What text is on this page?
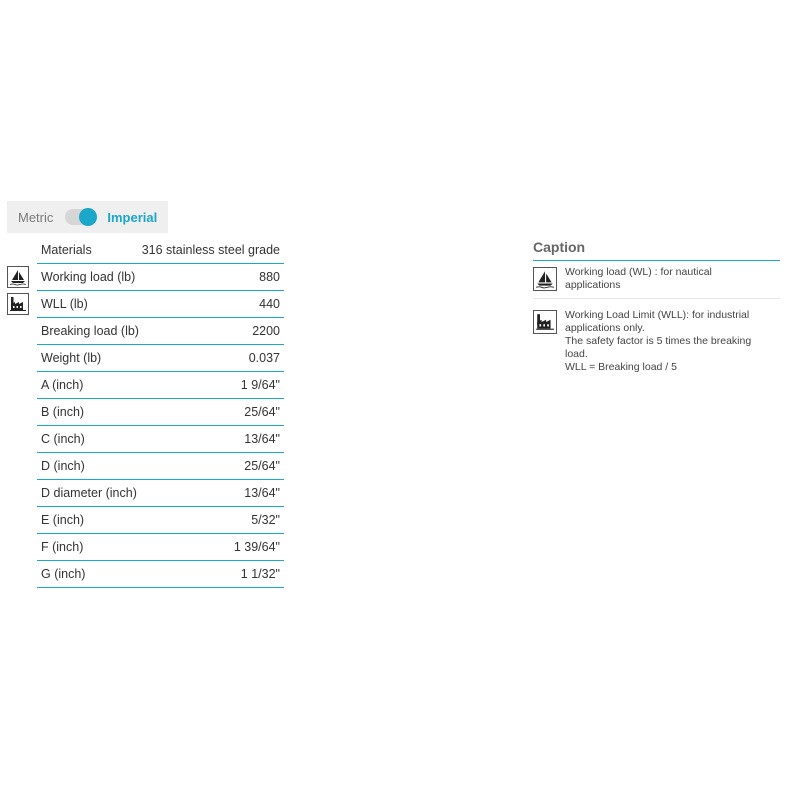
Metric	Imperial
Materials	316 stainless steel grade
Working load (lb)	880
WLL (lb)	440
Breaking load (lb)	2200
Weight (lb)	0.037
A (inch)	1 9/64"
B (inch)	25/64"
C (inch)	13/64"
D (inch)	25/64"
D diameter (inch)	13/64"
E (inch)	5/32"
F (inch)	1 39/64"
G (inch)	1 1/32"
Caption
Working load (WL) : for nautical
applications
Working Load Limit (WLL): for industrial
applications only.
The safety factor is 5 times the breaking
load.
WLL = Breaking load / 5
